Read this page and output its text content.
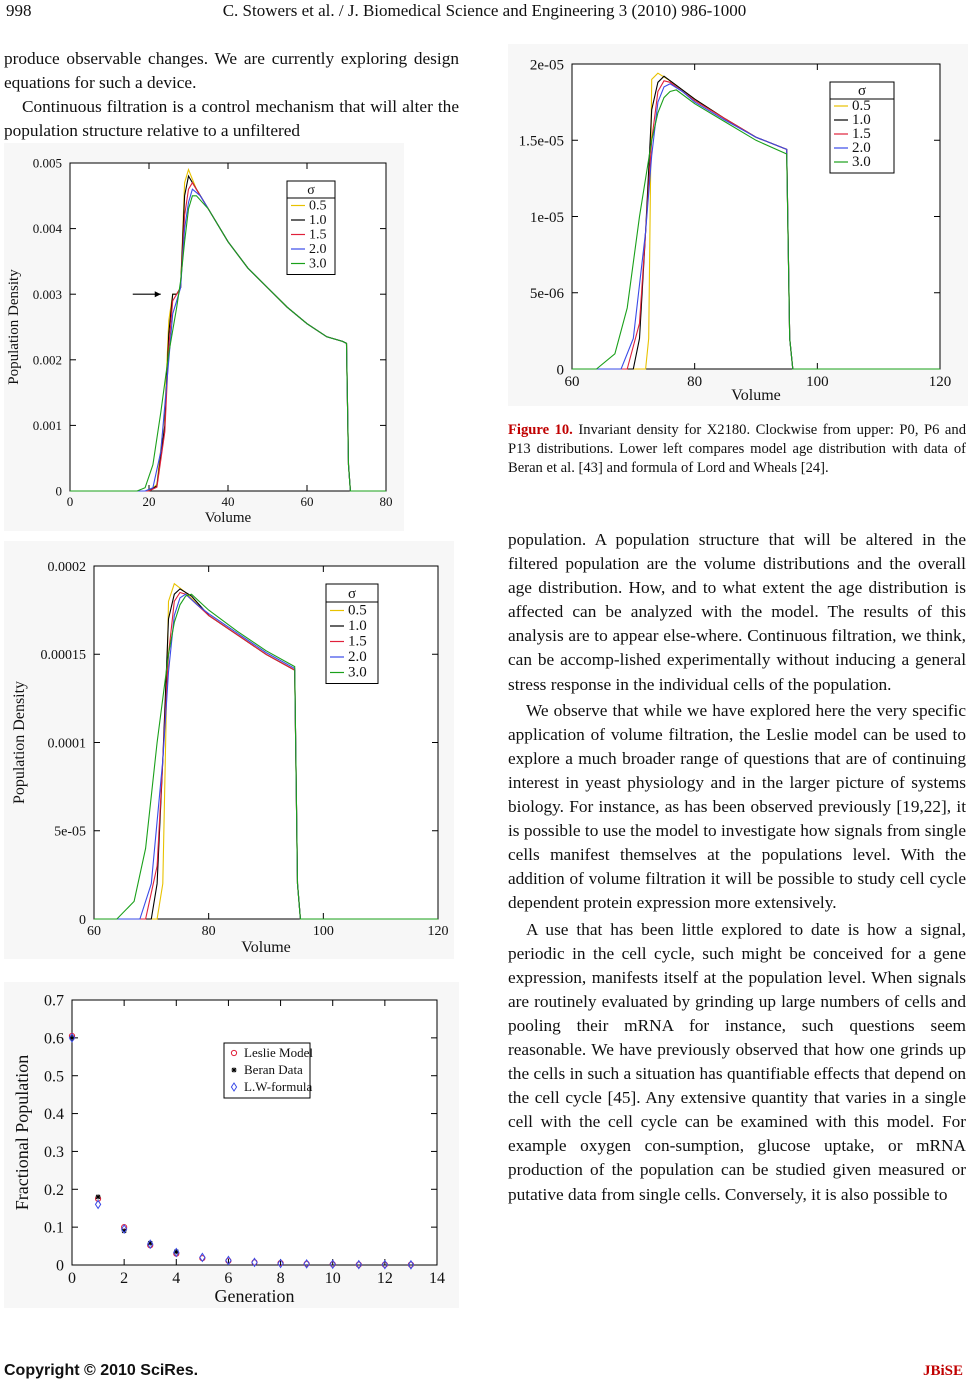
998	C. Stowers et al. / J. Biomedical Science and Engineering 3 (2010) 986-1000

produce observable changes. We are currently exploring design equations for such a device.

Continuous filtration is a control mechanism that will alter the population structure relative to a unfiltered

0	20	40	60	80
0
0.001
0.002
0.003
0.004
0.005
Volume
Population Density
σ
0.5
1.0
1.5
2.0
3.0
60	80	100	120
0
5e-05
0.0001
0.00015
0.0002
Volume
Population Density
σ
0.5
1.0
1.5
2.0
3.0
0	2	4	6	8	10 12 14
0
0.1
0.2
0.3
0.4
0.5
0.6
0.7
Generation
Fractional Population
Leslie Model
Beran Data
L.W-formula
60	80	100	120
0
5e-06
1e-05
1.5e-05
2e-05
Volume
σ
0.5
1.0
1.5
2.0
3.0
Figure 10. Invariant density for X2180. Clockwise from upper: P0, P6 and P13 distributions. Lower left compares model age distribution with data of Beran et al. [43] and formula of Lord and Wheals [24].

population. A population structure that will be altered in the filtered population are the volume distributions and the overall age distribution. How, and to what extent the age distribution is affected can be analyzed with the model. The results of this analysis are to appear else-where. Continuous filtration, we think, can be accomp-lished experimentally without inducing a general stress response in the individual cells of the population.

We observe that while we have explored here the very specific application of volume filtration, the Leslie model can be used to explore a much broader range of questions that are of continuing interest in yeast physiology and in the larger picture of systems biology. For instance, as has been observed previously [19,22], it is possible to use the model to investigate how signals from single cells manifest themselves at the populations level. With the addition of volume filtration it will be possible to study cell cycle dependent protein expression more extensively.

A use that has been little explored to date is how a signal, periodic in the cell cycle, such might be conceived for a gene expression, manifests itself at the population level. When signals are routinely evaluated by grinding up large numbers of cells and pooling their mRNA for instance, such questions seem reasonable. We have previously observed that how one grinds up the cells in such a situation has quantifiable effects that depend on the cell cycle [45]. Any extensive quantity that varies in a single cell with the cell cycle can be examined with this model. For example oxygen con-sumption, glucose uptake, or mRNA production of the population can be studied given measured or putative data from single cells. Conversely, it is also possible to

Copyright © 2010 SciRes.	JBiSE
